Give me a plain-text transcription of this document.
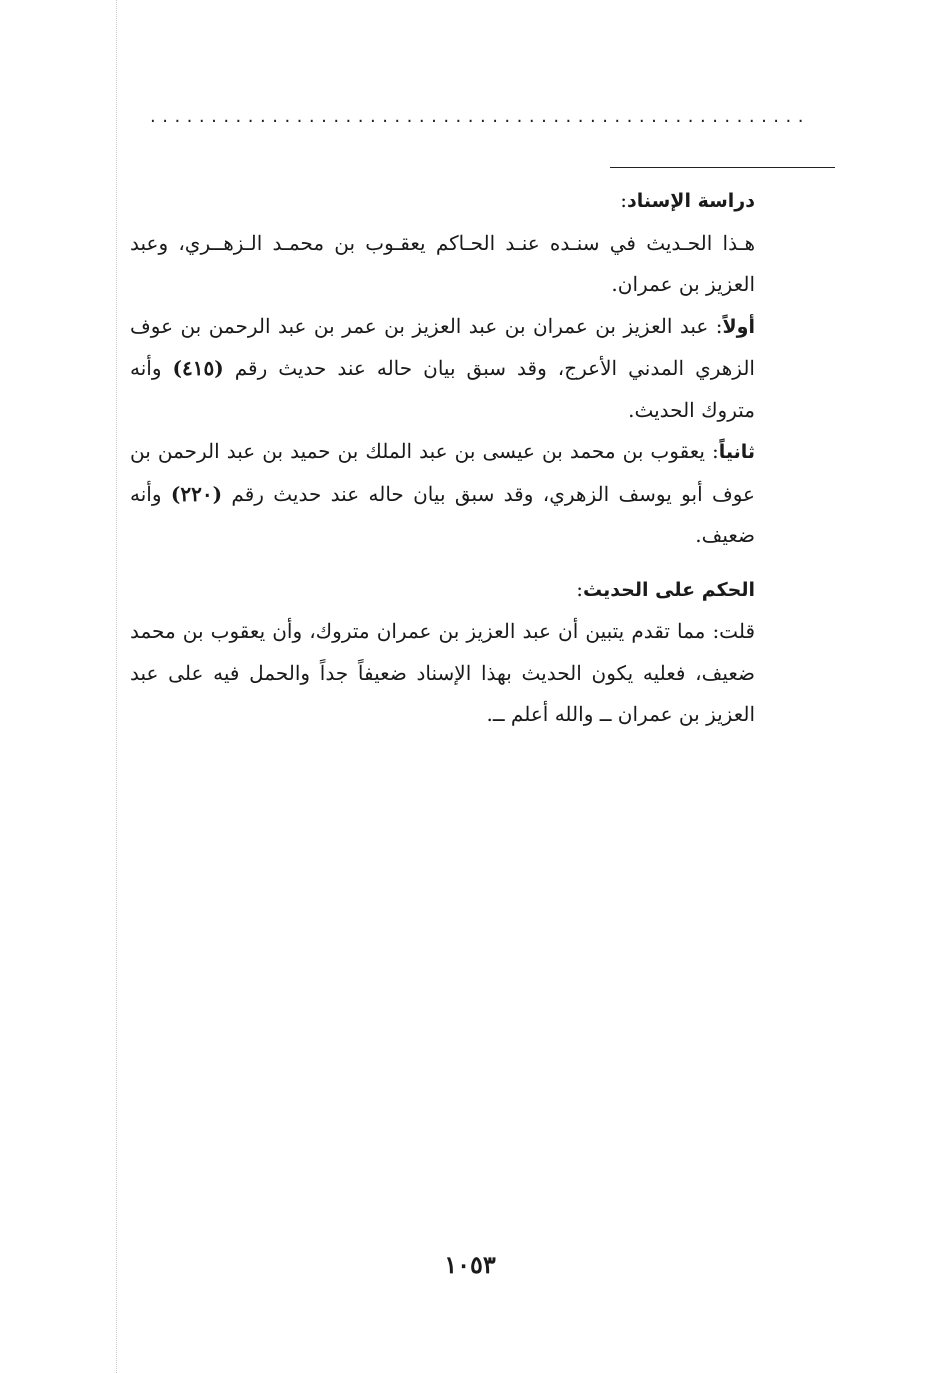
......................................................

دراسة الإسناد:

هـذا الحـديث في سنـده عنـد الحـاكم يعقـوب بن محمـد الـزهــري، وعبد العزيز بن عمران.

أولاً: عبد العزيز بن عمران بن عبد العزيز بن عمر بن عبد الرحمن بن عوف الزهري المدني الأعرج، وقد سبق بيان حاله عند حديث رقم (٤١٥) وأنه متروك الحديث.

ثانياً: يعقوب بن محمد بن عيسى بن عبد الملك بن حميد بن عبد الرحمن بن عوف أبو يوسف الزهري، وقد سبق بيان حاله عند حديث رقم (٢٢٠) وأنه ضعيف.

الحكم على الحديث:

قلت: مما تقدم يتبين أن عبد العزيز بن عمران متروك، وأن يعقوب بن محمد ضعيف، فعليه يكون الحديث بهذا الإسناد ضعيفاً جداً والحمل فيه على عبد العزيز بن عمران ــ والله أعلم ــ.

١٠٥٣
